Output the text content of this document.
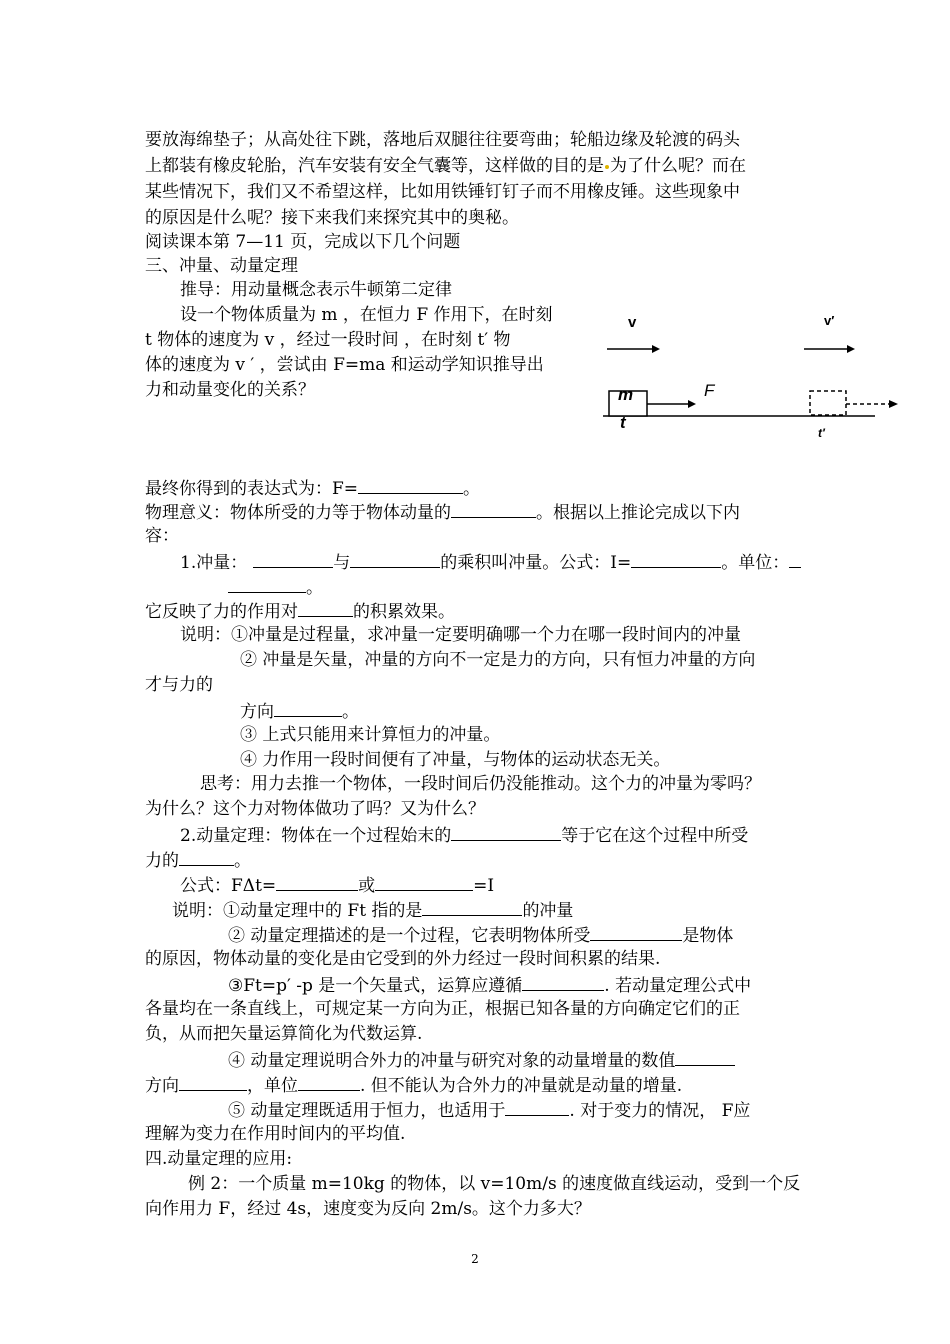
要放海绵垫子；从高处往下跳，落地后双腿往往要弯曲；轮船边缘及轮渡的码头
上都装有橡皮轮胎，汽车安装有安全气囊等，这样做的目的是 为了什么呢？而在
某些情况下，我们又不希望这样，比如用铁锤钉钉子而不用橡皮锤。这些现象中
的原因是什么呢？接下来我们来探究其中的奥秘。
阅读课本第 7—11 页，完成以下几个问题
三、冲量、动量定理
推导：用动量概念表示牛顿第二定律
设一个物体质量为 m ，在恒力 F 作用下，在时刻
t 物体的速度为 v ，经过一段时间 ，在时刻 t′ 物
体的速度为 v ′ ，尝试由 F=ma 和运动学知识推导出
力和动量变化的关系？
v	v′
m
t
F
t′
最终你得到的表达式为：F=	。
物理意义：物体所受的力等于物体动量的	。根据以上推论完成以下内
容：
1.冲量：	与	的乘积叫冲量。公式：I=	。单位：
。
它反映了力的作用对	的积累效果。
说明：①冲量是过程量，求冲量一定要明确哪一个力在哪一段时间内的冲量
② 冲量是矢量，冲量的方向不一定是力的方向，只有恒力冲量的方向
才与力的
方向	。
③ 上式只能用来计算恒力的冲量。
④ 力作用一段时间便有了冲量，与物体的运动状态无关。
思考：用力去推一个物体，一段时间后仍没能推动。这个力的冲量为零吗？
为什么？这个力对物体做功了吗？又为什么？
2.动量定理：物体在一个过程始末的	等于它在这个过程中所受
力的	。
公式：FΔt=	或	=I
说明：①动量定理中的 Ft 指的是	的冲量
② 动量定理描述的是一个过程，它表明物体所受	是物体
的原因，物体动量的变化是由它受到的外力经过一段时间积累的结果.
③Ft=p′ -p 是一个矢量式，运算应遵循	. 若动量定理公式中
各量均在一条直线上，可规定某一方向为正，根据已知各量的方向确定它们的正
负，从而把矢量运算简化为代数运算.
④ 动量定理说明合外力的冲量与研究对象的动量增量的数值
方向	，单位	. 但不能认为合外力的冲量就是动量的增量.
⑤ 动量定理既适用于恒力，也适用于	. 对于变力的情况， F应
理解为变力在作用时间内的平均值.
四.动量定理的应用:
例 2：一个质量 m=10kg 的物体，以 v=10m/s 的速度做直线运动，受到一个反
向作用力 F，经过 4s，速度变为反向 2m/s。这个力多大？
2
